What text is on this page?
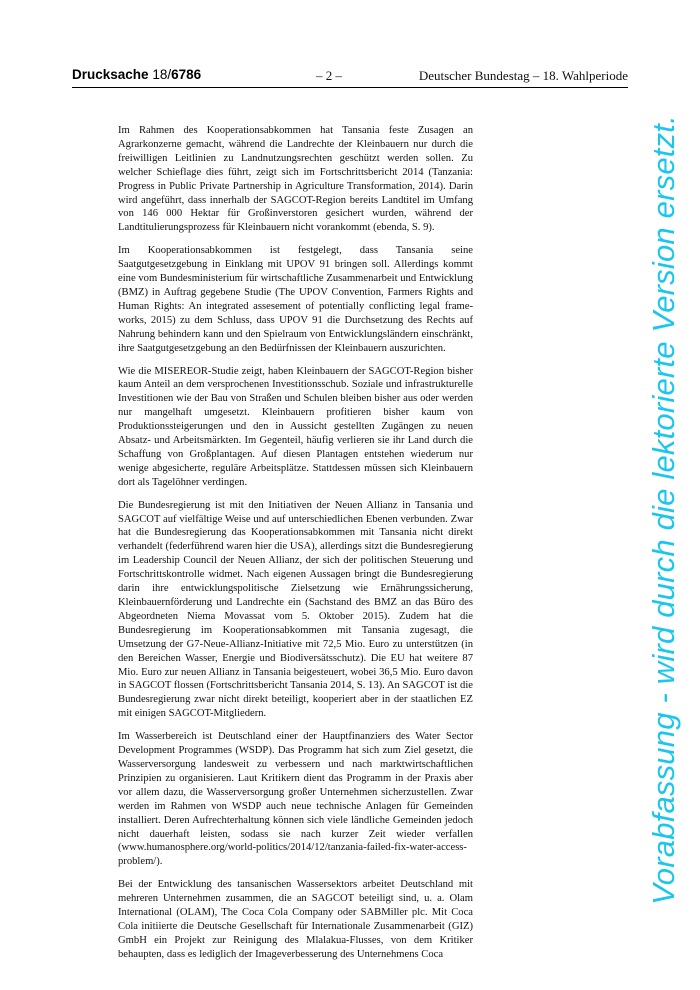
Drucksache 18/6786	– 2 –	Deutscher Bundestag – 18. Wahlperiode

Im Rahmen des Kooperationsabkommen hat Tansania feste Zusagen an Agrarkonzerne gemacht, während die Landrechte der Kleinbauern nur durch die freiwilligen Leitlinien zu Landnutzungsrechten geschützt werden sollen. Zu welcher Schieflage dies führt, zeigt sich im Fortschrittsbericht 2014 (Tanzania: Progress in Public Private Partnership in Agriculture Transformation, 2014). Darin wird angeführt, dass innerhalb der SAGCOT-Region bereits Landtitel im Umfang von 146 000 Hektar für Großinverstoren gesichert wurden, während der Landtitulierungsprozess für Kleinbauern nicht vorankommt (ebenda, S. 9).

Im Kooperationsabkommen ist festgelegt, dass Tansania seine Saatgutgesetzgebung in Einklang mit UPOV 91 bringen soll. Allerdings kommt eine vom Bundesministerium für wirtschaftliche Zusammenarbeit und Entwicklung (BMZ) in Auftrag gegebene Studie (The UPOV Convention, Farmers Rights and Human Rights: An integrated assesement of potentially conflicting legal frame-works, 2015) zu dem Schluss, dass UPOV 91 die Durchsetzung des Rechts auf Nahrung behindern kann und den Spielraum von Entwicklungsländern einschränkt, ihre Saatgutgesetzgebung an den Bedürfnissen der Kleinbauern auszurichten.

Wie die MISEREOR-Studie zeigt, haben Kleinbauern der SAGCOT-Region bisher kaum Anteil an dem versprochenen Investitionsschub. Soziale und infrastrukturelle Investitionen wie der Bau von Straßen und Schulen bleiben bisher aus oder werden nur mangelhaft umgesetzt. Kleinbauern profitieren bisher kaum von Produktionssteigerungen und den in Aussicht gestellten Zugängen zu neuen Absatz- und Arbeitsmärkten. Im Gegenteil, häufig verlieren sie ihr Land durch die Schaffung von Großplantagen. Auf diesen Plantagen entstehen wiederum nur wenige abgesicherte, reguläre Arbeitsplätze. Stattdessen müssen sich Kleinbauern dort als Tagelöhner verdingen.

Die Bundesregierung ist mit den Initiativen der Neuen Allianz in Tansania und SAGCOT auf vielfältige Weise und auf unterschiedlichen Ebenen verbunden. Zwar hat die Bundesregierung das Kooperationsabkommen mit Tansania nicht direkt verhandelt (federführend waren hier die USA), allerdings sitzt die Bundesregierung im Leadership Council der Neuen Allianz, der sich der politischen Steuerung und Fortschrittskontrolle widmet. Nach eigenen Aussagen bringt die Bundesregierung darin ihre entwicklungspolitische Zielsetzung wie Ernährungssicherung, Kleinbauernförderung und Landrechte ein (Sachstand des BMZ an das Büro des Abgeordneten Niema Movassat vom 5. Oktober 2015). Zudem hat die Bundesregierung im Kooperationsabkommen mit Tansania zugesagt, die Umsetzung der G7-Neue-Allianz-Initiative mit 72,5 Mio. Euro zu unterstützen (in den Bereichen Wasser, Energie und Biodiversätsschutz). Die EU hat weitere 87 Mio. Euro zur neuen Allianz in Tansania beigesteuert, wobei 36,5 Mio. Euro davon in SAGCOT flossen (Fortschrittsbericht Tansania 2014, S. 13). An SAGCOT ist die Bundesregierung zwar nicht direkt beteiligt, kooperiert aber in der staatlichen EZ mit einigen SAGCOT-Mitgliedern.

Im Wasserbereich ist Deutschland einer der Hauptfinanziers des Water Sector Development Programmes (WSDP). Das Programm hat sich zum Ziel gesetzt, die Wasserversorgung landesweit zu verbessern und nach marktwirtschaftlichen Prinzipien zu organisieren. Laut Kritikern dient das Programm in der Praxis aber vor allem dazu, die Wasserversorgung großer Unternehmen sicherzustellen. Zwar werden im Rahmen von WSDP auch neue technische Anlagen für Gemeinden installiert. Deren Aufrechterhaltung können sich viele ländliche Gemeinden jedoch nicht dauerhaft leisten, sodass sie nach kurzer Zeit wieder verfallen (www.humanosphere.org/world-politics/2014/12/tanzania-failed-fix-water-access-problem/).

Bei der Entwicklung des tansanischen Wassersektors arbeitet Deutschland mit mehreren Unternehmen zusammen, die an SAGCOT beteiligt sind, u. a. Olam International (OLAM), The Coca Cola Company oder SABMiller plc. Mit Coca Cola initiierte die Deutsche Gesellschaft für Internationale Zusammenarbeit (GIZ) GmbH ein Projekt zur Reinigung des Mlalakua-Flusses, von dem Kritiker behaupten, dass es lediglich der Imageverbesserung des Unternehmens Coca

Vorabfassung - wird durch die lektorierte Version ersetzt.
